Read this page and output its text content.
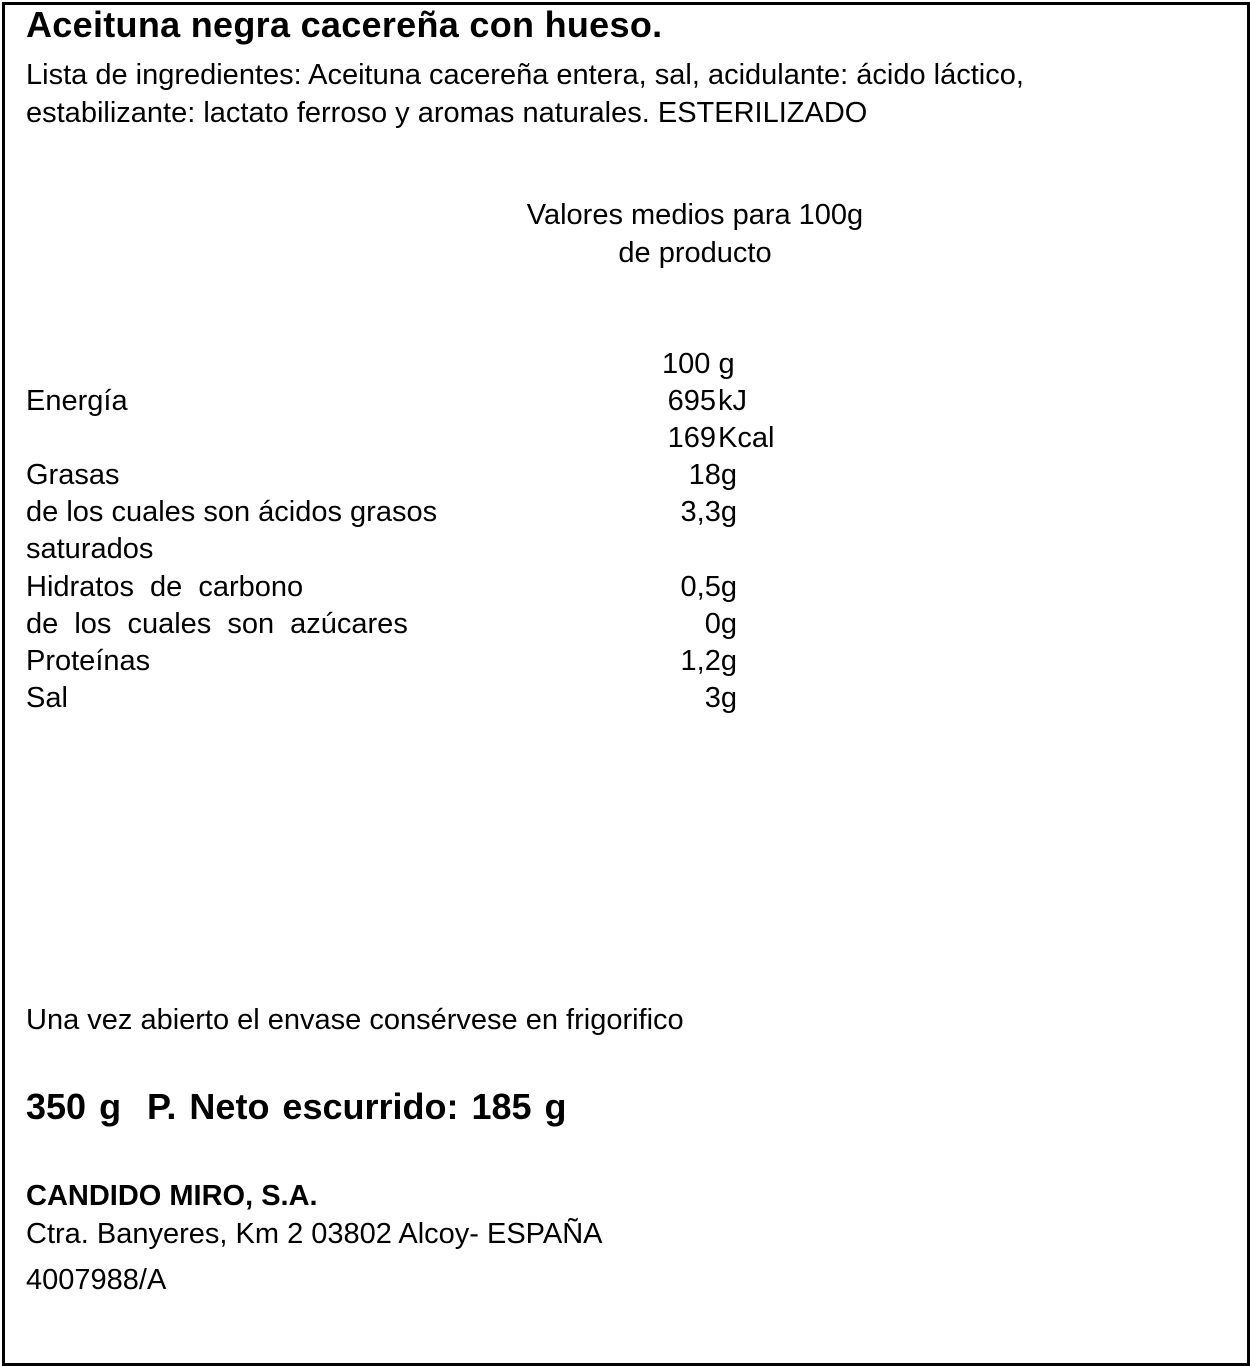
Aceituna negra cacereña con hueso.
Lista de ingredientes: Aceituna cacereña entera, sal, acidulante: ácido láctico,
estabilizante: lactato ferroso y aromas naturales. ESTERILIZADO
Valores medios para 100g
de producto
100 g
Energía	695 kJ
169 Kcal
Grasas	18g
de los cuales son ácidos grasos	3,3g
saturados
Hidratos de carbono	0,5g
de los cuales son azúcares	0g
Proteínas	1,2g
Sal	3g
Una vez abierto el envase consérvese en frigorifico
350 g  P. Neto escurrido: 185 g
CANDIDO MIRO, S.A.
Ctra. Banyeres, Km 2 03802 Alcoy- ESPAÑA
4007988/A
